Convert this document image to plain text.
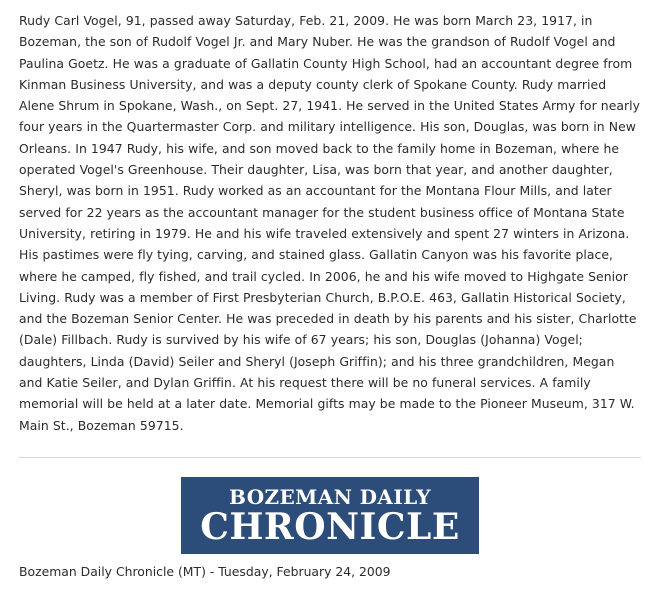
Rudy Carl Vogel, 91, passed away Saturday, Feb. 21, 2009. He was born March 23, 1917, in Bozeman, the son of Rudolf Vogel Jr. and Mary Nuber. He was the grandson of Rudolf Vogel and Paulina Goetz. He was a graduate of Gallatin County High School, had an accountant degree from Kinman Business University, and was a deputy county clerk of Spokane County. Rudy married Alene Shrum in Spokane, Wash., on Sept. 27, 1941. He served in the United States Army for nearly four years in the Quartermaster Corp. and military intelligence. His son, Douglas, was born in New Orleans. In 1947 Rudy, his wife, and son moved back to the family home in Bozeman, where he operated Vogel's Greenhouse. Their daughter, Lisa, was born that year, and another daughter, Sheryl, was born in 1951. Rudy worked as an accountant for the Montana Flour Mills, and later served for 22 years as the accountant manager for the student business office of Montana State University, retiring in 1979. He and his wife traveled extensively and spent 27 winters in Arizona. His pastimes were fly tying, carving, and stained glass. Gallatin Canyon was his favorite place, where he camped, fly fished, and trail cycled. In 2006, he and his wife moved to Highgate Senior Living. Rudy was a member of First Presbyterian Church, B.P.O.E. 463, Gallatin Historical Society, and the Bozeman Senior Center. He was preceded in death by his parents and his sister, Charlotte (Dale) Fillbach. Rudy is survived by his wife of 67 years; his son, Douglas (Johanna) Vogel; daughters, Linda (David) Seiler and Sheryl (Joseph Griffin); and his three grandchildren, Megan and Katie Seiler, and Dylan Griffin. At his request there will be no funeral services. A family memorial will be held at a later date. Memorial gifts may be made to the Pioneer Museum, 317 W. Main St., Bozeman 59715.

BOZEMAN DAILY
CHRONICLE

Bozeman Daily Chronicle (MT) - Tuesday, February 24, 2009
